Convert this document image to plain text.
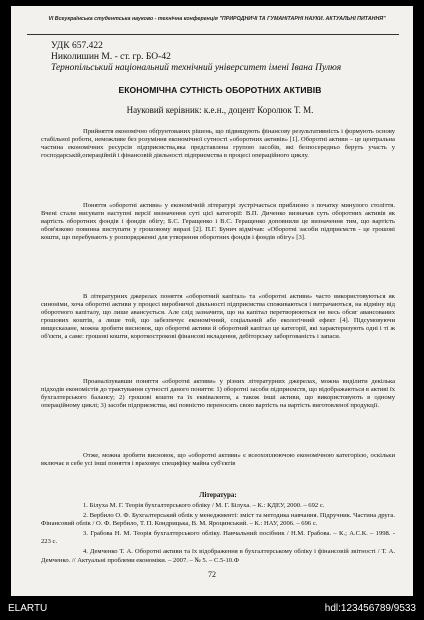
VI Всеукраїнська студентська науково - технічна конференція "ПРИРОДНИЧІ ТА ГУМАНІТАРНІ НАУКИ. АКТУАЛЬНІ ПИТАННЯ"
УДК 657.422
Николишин М. - ст. гр. БО-42
Тернопільський національний технічний університет імені Івана Пулюя
ЕКОНОМІЧНА СУТНІСТЬ ОБОРОТНИХ АКТИВІВ
Науковий керівник: к.е.н., доцент Королюк Т. М.

Прийняття економічно обґрунтованих рішень, що підвищують фінансову результативність і формують основу стабільної роботи, неможливе без розуміння економічної сутності «оборотних активів» [1]. Оборотні активи – це центральна частина економічних ресурсів підприємства,яка представлена групою засобів, які безпосередньо беруть участь у господарській,операційній і фінансовій діяльності підприємства в процесі операційного циклу.

Поняття «оборотні активи» у економічній літературі зустрічається приблизно з початку минулого століття. Вчені стали висувати наступні версії визначення суті цієї категорії: В.П. Диченко визначав суть оборотних активів як вартість оборотних фондів і фондів обігу; Б.С. Геращенко і В.С. Геращенко доповнили це визначення тим, що вартість обов'язково повинна виступати у грошовому виразі [2]. П.Г. Бунич відмічав: «Оборотні засоби підприємств - це грошові кошти, що перебувають у розпорядженні для утворення оборотних фондів і фондів обігу» [3].

В літературних джерелах поняття «оборотний капітал» та «оборотні активи» часто використовуються як синоніми, хоча оборотні активи у процесі виробничої діяльності підприємства споживаються і витрачаються, на відміну від оборотного капіталу, що лише авансується. Але слід зазначити, що на капітал перетворюються не весь обсяг авансованих грошових коштів, а лише той, що забезпечує економічний, соціальний або екологічний ефект [4]. Підсумовуючи вищесказане, можна зробити висновок, що оборотні активи й оборотний капітал це категорії, які характеризують одні і ті ж об'єкти, а саме: грошові кошти, короткострокові фінансові вкладення, дебіторську заборгованість і запаси.

Проаналізувавши поняття «оборотні активи» у різних літературних джерелах, можна виділити декілька підходів економістів до трактування сутності даного поняття: 1) оборотні засоби підприємств, що відображаються в активі їх бухгалтерського балансу; 2) грошові кошти та їх еквіваленти, а також інші активи, що використовують в одному операційному циклі; 3) засоби підприємства, які повністю переносять свою вартість на вартість виготовленої продукції.

Отже, можна зробити висновок, що «оборотні активи» є всеохоплюючою економічною категорією, оскільки включає в себе усі інші поняття і враховує специфіку майна суб'єктів

Література:

1. Білуха М. Г. Теорія бухгалтерського обліку / М. Г. Білуха. – К.: КДЕУ, 2000. – 692 с.

2. Вербило О. Ф. Бухгалтерський облік у менеджменті: зміст та методика навчання. Підручник. Частина друга. Фінансовий облік / О. Ф. Вербило, Т. П. Кондрицька, В. М. Яроцинський. – К.: НАУ, 2006. – 696 с.

3. Грабова Н. М. Теорія бухгалтерського обліку. Навчальний посібник / Н.М. Грабова. – К.; А.С.К. – 1998. - 223 с.

4. Демченко Т. А. Оборотні активи та їх відображення в бухгалтерському обліку і фінансовій звітності / Т. А. Демченко. // Актуальні проблеми економіки. – 2007. – № 5. – С.5-10.Ф

72
ELARTU	hdl:123456789/9533
